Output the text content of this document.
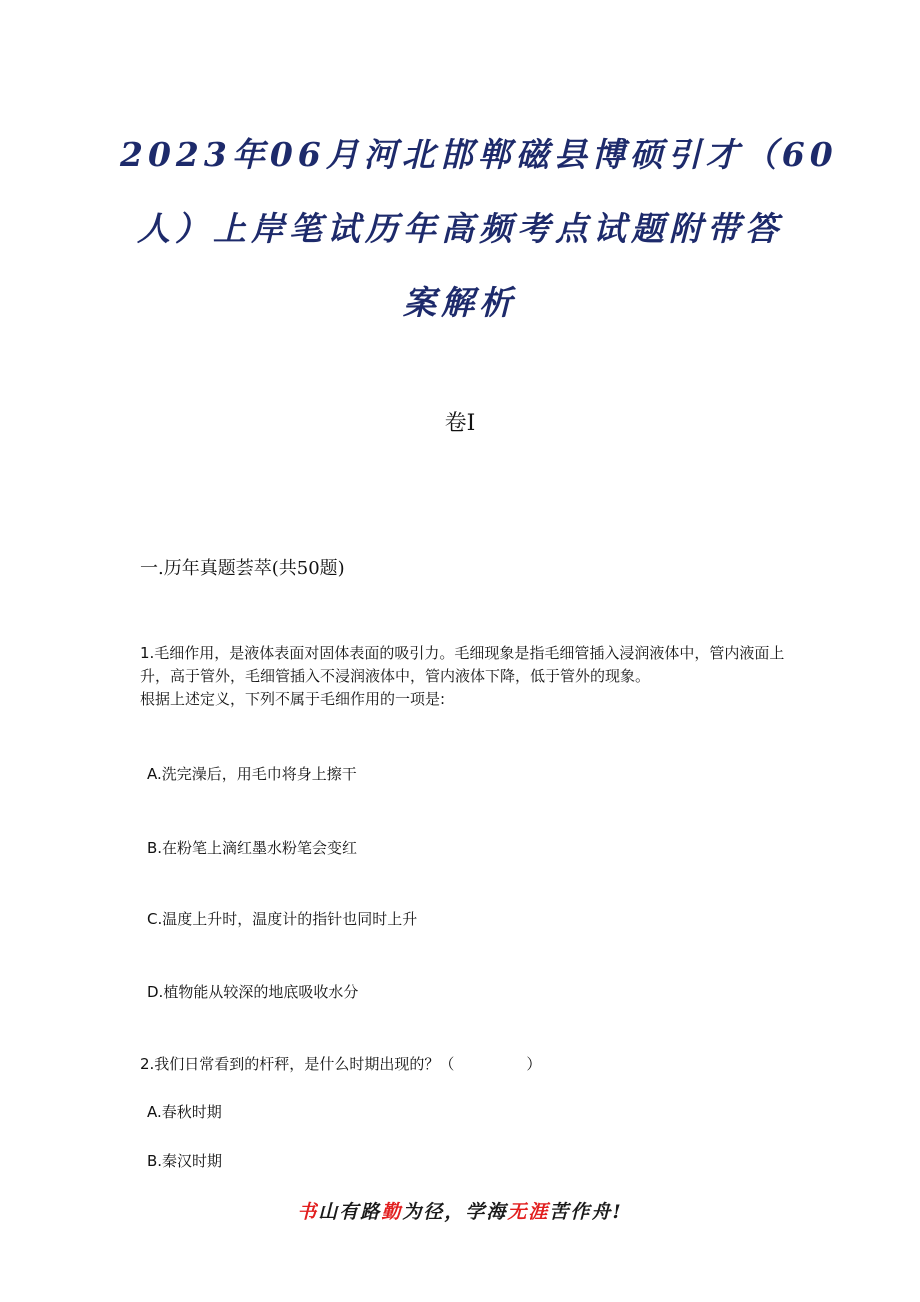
2023年06月河北邯郸磁县博硕引才（60
人）上岸笔试历年高频考点试题附带答
案解析
卷I
一.历年真题荟萃(共50题)

1.毛细作用，是液体表面对固体表面的吸引力。毛细现象是指毛细管插入浸润液体中，管内液面上升，高于管外，毛细管插入不浸润液体中，管内液体下降，低于管外的现象。

根据上述定义，下列不属于毛细作用的一项是:

A.洗完澡后，用毛巾将身上擦干
B.在粉笔上滴红墨水粉笔会变红
C.温度上升时，温度计的指针也同时上升
D.植物能从较深的地底吸收水分
2.我们日常看到的杆秤，是什么时期出现的？（	）
A.春秋时期
B.秦汉时期
书山有路勤为径，学海无涯苦作舟!
